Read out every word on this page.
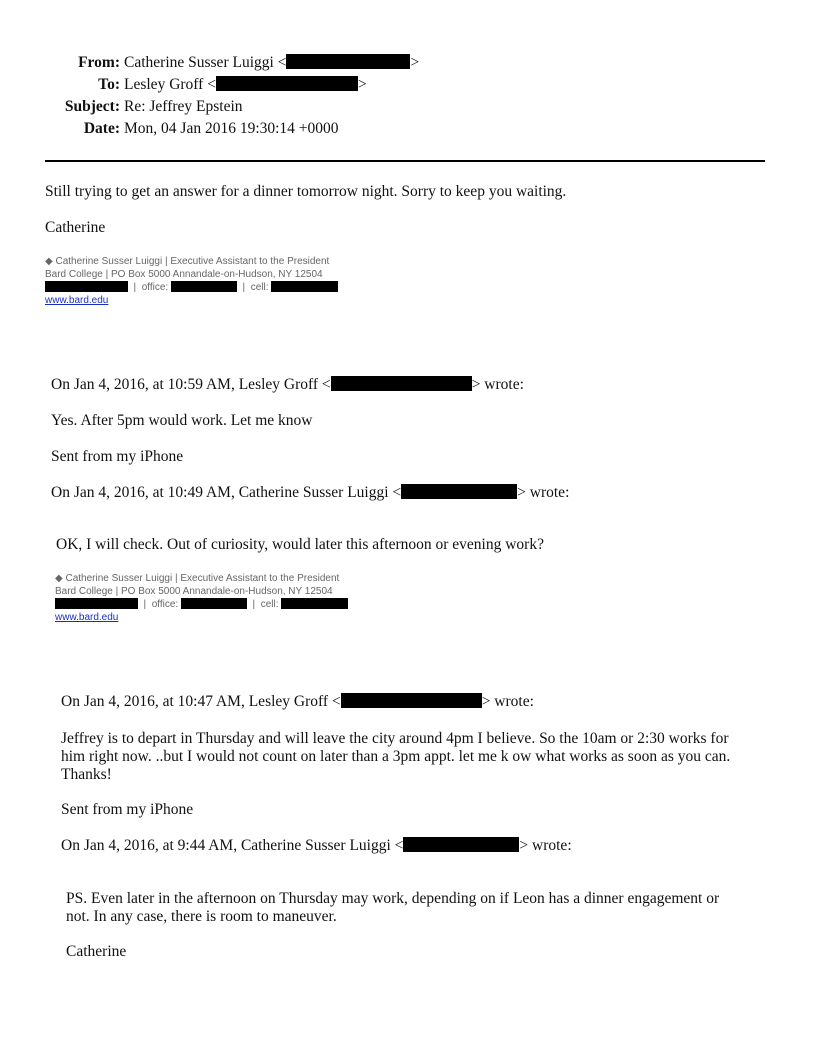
From: Catherine Susser Luiggi <	>
To: Lesley Groff <	>
Subject: Re: Jeffrey Epstein
Date: Mon, 04 Jan 2016 19:30:14 +0000
Still trying to get an answer for a dinner tomorrow night. Sorry to keep you waiting.
Catherine
◆ Catherine Susser Luiggi | Executive Assistant to the President
Bard College | PO Box 5000 Annandale-on-Hudson, NY 12504
|  office:	|  cell:
www.bard.edu
On Jan 4, 2016, at 10:59 AM, Lesley Groff <	> wrote:
Yes. After 5pm would work. Let me know
Sent from my iPhone
On Jan 4, 2016, at 10:49 AM, Catherine Susser Luiggi <	> wrote:
OK, I will check. Out of curiosity, would later this afternoon or evening work?
◆ Catherine Susser Luiggi | Executive Assistant to the President
Bard College | PO Box 5000 Annandale-on-Hudson, NY 12504
|  office:	|  cell:
www.bard.edu
On Jan 4, 2016, at 10:47 AM, Lesley Groff <	> wrote:
Jeffrey is to depart in Thursday and will leave the city around 4pm I believe. So the 10am or 2:30 works for
him right now. ..but I would not count on later than a 3pm appt. let me k ow what works as soon as you can.
Thanks!
Sent from my iPhone
On Jan 4, 2016, at 9:44 AM, Catherine Susser Luiggi <	> wrote:
PS. Even later in the afternoon on Thursday may work, depending on if Leon has a dinner engagement or
not. In any case, there is room to maneuver.
Catherine
